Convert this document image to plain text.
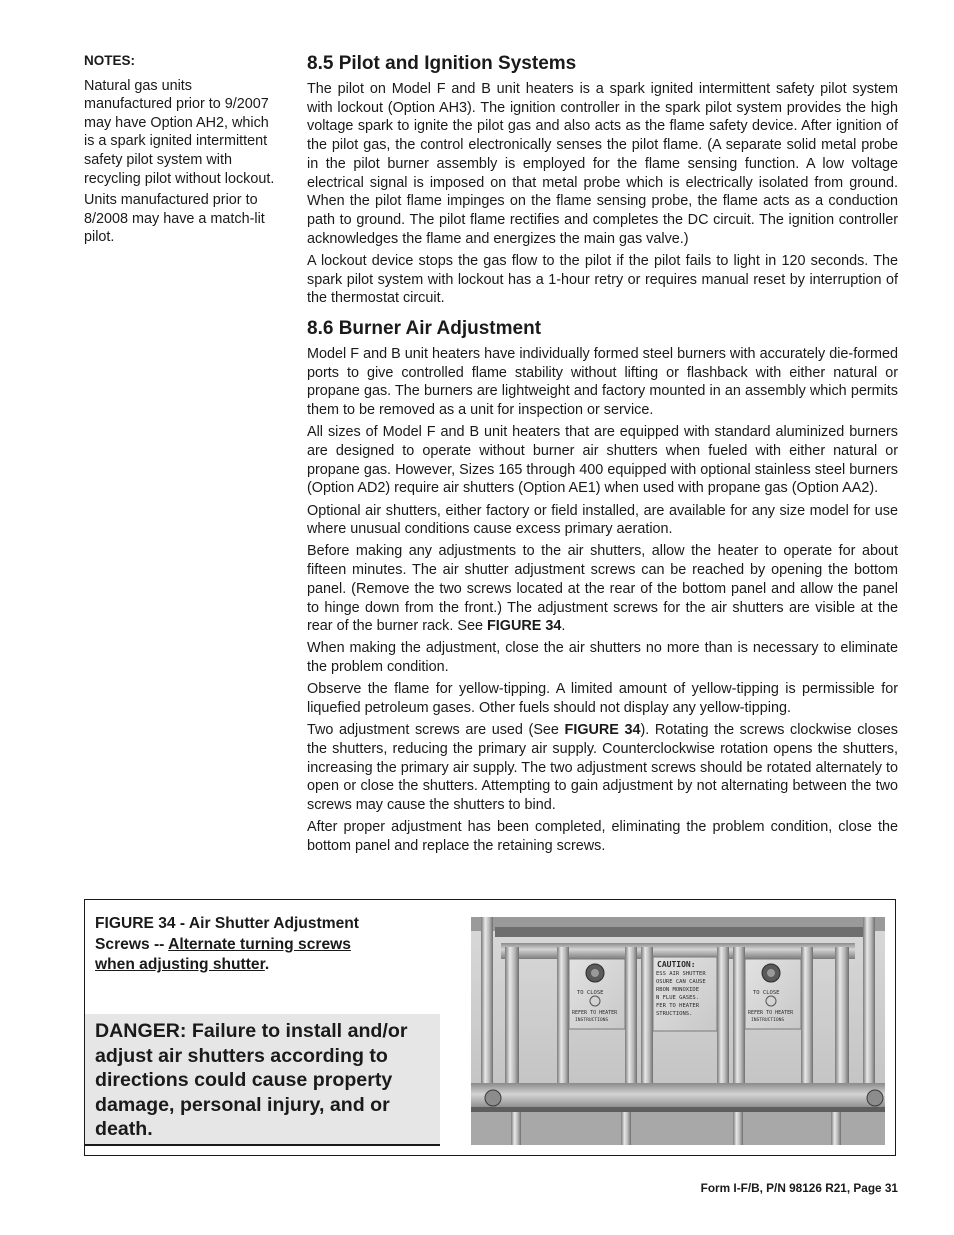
NOTES:

Natural gas units manufactured prior to 9/2007 may have Option AH2, which is a spark ignited intermittent safety pilot system with recycling pilot without lockout.

Units manufactured prior to 8/2008 may have a match-lit pilot.

8.5 Pilot and Ignition Systems

The pilot on Model F and B unit heaters is a spark ignited intermittent safety pilot system with lockout (Option AH3). The ignition controller in the spark pilot system provides the high voltage spark to ignite the pilot gas and also acts as the flame safety device. After ignition of the pilot gas, the control electronically senses the pilot flame. (A separate solid metal probe in the pilot burner assembly is employed for the flame sensing function. A low voltage electrical signal is imposed on that metal probe which is electrically isolated from ground. When the pilot flame impinges on the flame sensing probe, the flame acts as a conduction path to ground. The pilot flame rectifies and completes the DC circuit. The ignition controller acknowledges the flame and energizes the main gas valve.)

A lockout device stops the gas flow to the pilot if the pilot fails to light in 120 seconds. The spark pilot system with lockout has a 1-hour retry or requires manual reset by interruption of the thermostat circuit.

8.6 Burner Air Adjustment

Model F and B unit heaters have individually formed steel burners with accurately die-formed ports to give controlled flame stability without lifting or flashback with either natural or propane gas. The burners are lightweight and factory mounted in an assembly which permits them to be removed as a unit for inspection or service.

All sizes of Model F and B unit heaters that are equipped with standard aluminized burners are designed to operate without burner air shutters when fueled with either natural or propane gas. However, Sizes 165 through 400 equipped with optional stainless steel burners (Option AD2) require air shutters (Option AE1) when used with propane gas (Option AA2).

Optional air shutters, either factory or field installed, are available for any size model for use where unusual conditions cause excess primary aeration.

Before making any adjustments to the air shutters, allow the heater to operate for about fifteen minutes. The air shutter adjustment screws can be reached by opening the bottom panel. (Remove the two screws located at the rear of the bottom panel and allow the panel to hinge down from the front.) The adjustment screws for the air shutters are visible at the rear of the burner rack. See FIGURE 34.

When making the adjustment, close the air shutters no more than is necessary to eliminate the problem condition.

Observe the flame for yellow-tipping. A limited amount of yellow-tipping is permissible for liquefied petroleum gases. Other fuels should not display any yellow-tipping.

Two adjustment screws are used (See FIGURE 34). Rotating the screws clockwise closes the shutters, reducing the primary air supply. Counterclockwise rotation opens the shutters, increasing the primary air supply. The two adjustment screws should be rotated alternately to open or close the shutters. Attempting to gain adjustment by not alternating between the two screws may cause the shutters to bind.

After proper adjustment has been completed, eliminating the problem condition, close the bottom panel and replace the retaining screws.

FIGURE 34 - Air Shutter Adjustment Screws -- Alternate turning screws when adjusting shutter.
DANGER: Failure to install and/or adjust air shutters according to directions could cause property damage, personal injury, and or death.
TO CLOSE
REFER TO HEATER
INSTRUCTIONS
CAUTION:
ESS AIR SHUTTER
OSURE CAN CAUSE
RBON MONOXIDE
N FLUE GASES.
FER TO HEATER
STRUCTIONS.
TO CLOSE
REFER TO HEATER
INSTRUCTIONS
Form I-F/B, P/N 98126 R21, Page 31
